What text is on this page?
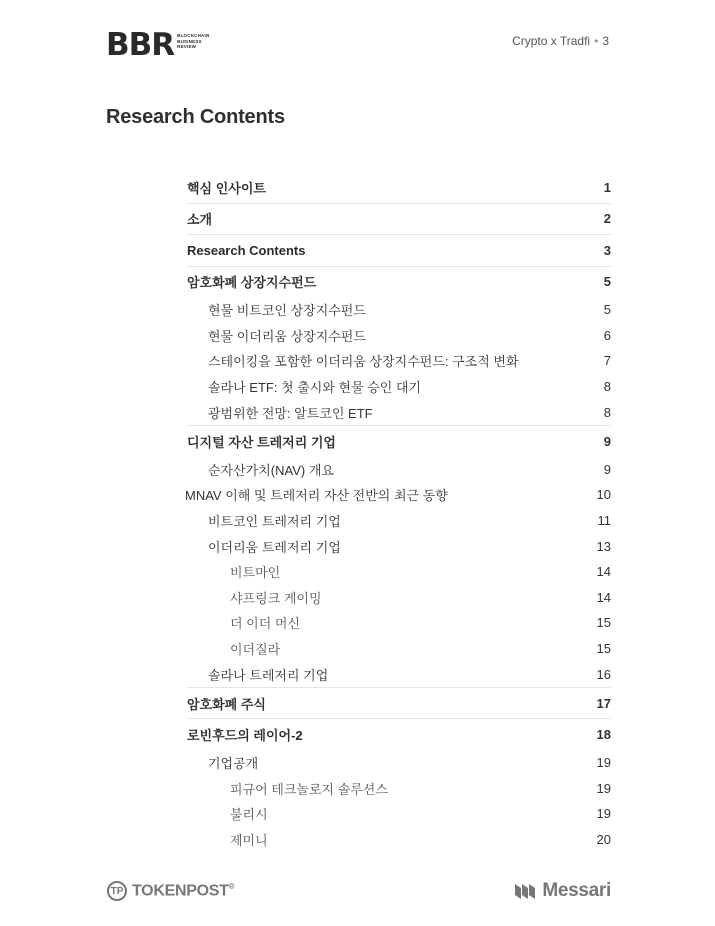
BBR BLOCKCHAIN
BUSINESS
REVIEW	Crypto x Tradfi • 3
Research Contents
핵심 인사이트	1
소개	2
Research Contents	3
암호화폐 상장지수펀드	5
현물 비트코인 상장지수펀드	5
현물 이더리움 상장지수펀드	6
스테이킹을 포함한 이더리움 상장지수펀드: 구조적 변화	7
솔라나 ETF: 첫 출시와 현물 승인 대기	8
광범위한 전망: 알트코인 ETF	8
디지털 자산 트레저리 기업	9
순자산가치(NAV) 개요	9
MNAV 이해 및 트레저리 자산 전반의 최근 동향	10
비트코인 트레저리 기업	11
이더리움 트레저리 기업	13
비트마인	14
샤프링크 게이밍	14
더 이더 머신	15
이더질라	15
솔라나 트레저리 기업	16
암호화폐 주식	17
로빈후드의 레이어-2	18
기업공개	19
피규어 테크놀로지 솔루션스	19
불리시	19
제미니	20
TP TOKENPOST®	Messari
